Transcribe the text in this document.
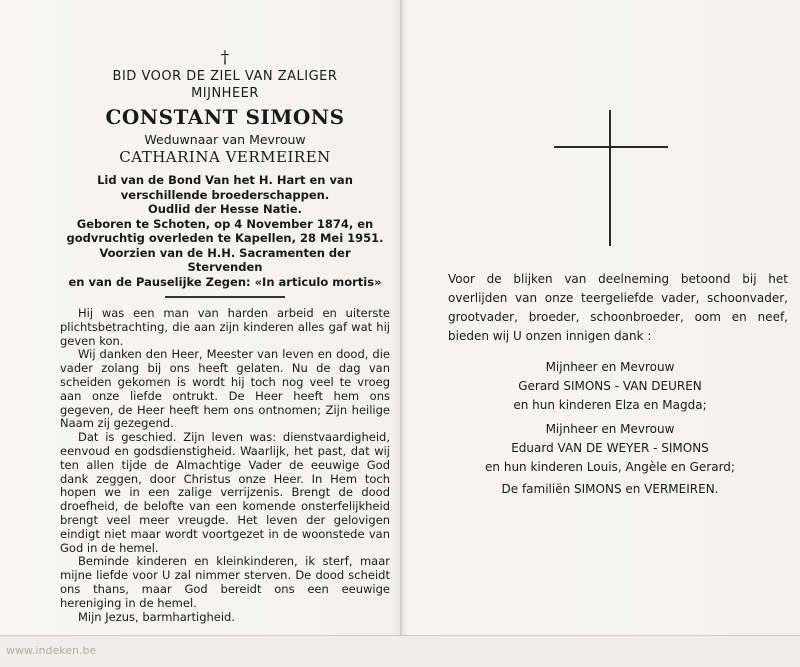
†
BID VOOR DE ZIEL VAN ZALIGER
MIJNHEER
CONSTANT SIMONS
Weduwnaar van Mevrouw
CATHARINA VERMEIREN
Lid van de Bond Van het H. Hart en van
verschillende broederschappen.
Oudlid der Hesse Natie.
Geboren te Schoten, op 4 November 1874, en
godvruchtig overleden te Kapellen, 28 Mei 1951.
Voorzien van de H.H. Sacramenten der Stervenden
en van de Pauselijke Zegen: «In articulo mortis»

Hij was een man van harden arbeid en uiterste plichtsbetrachting, die aan zijn kinderen alles gaf wat hij geven kon.

Wij danken den Heer, Meester van leven en dood, die vader zolang bij ons heeft gelaten. Nu de dag van scheiden gekomen is wordt hij toch nog veel te vroeg aan onze liefde ontrukt. De Heer heeft hem ons gegeven, de Heer heeft hem ons ontnomen; Zijn heilige Naam zij gezegend.

Dat is geschied. Zijn leven was: dienstvaardigheid, eenvoud en godsdienstigheid. Waarlijk, het past, dat wij ten allen tijde de Almachtige Vader de eeuwige God dank zeggen, door Christus onze Heer. In Hem toch hopen we in een zalige verrijzenis. Brengt de dood droefheid, de belofte van een komende onsterfelijkheid brengt veel meer vreugde. Het leven der gelovigen eindigt niet maar wordt voortgezet in de woonstede van God in de hemel.

Beminde kinderen en kleinkinderen, ik sterf, maar mijne liefde voor U zal nimmer sterven. De dood scheidt ons thans, maar God bereidt ons een eeuwige hereniging in de hemel.

Mijn Jezus, barmhartigheid.

Voor de blijken van deelneming betoond bij het overlijden van onze teergeliefde vader, schoonvader, grootvader, broeder, schoonbroeder, oom en neef, bieden wij U onzen innigen dank :
Mijnheer en Mevrouw
Gerard SIMONS - VAN DEUREN
en hun kinderen Elza en Magda;
Mijnheer en Mevrouw
Eduard VAN DE WEYER - SIMONS
en hun kinderen Louis, Angèle en Gerard;
De familiën SIMONS en VERMEIREN.
www.indeken.be
